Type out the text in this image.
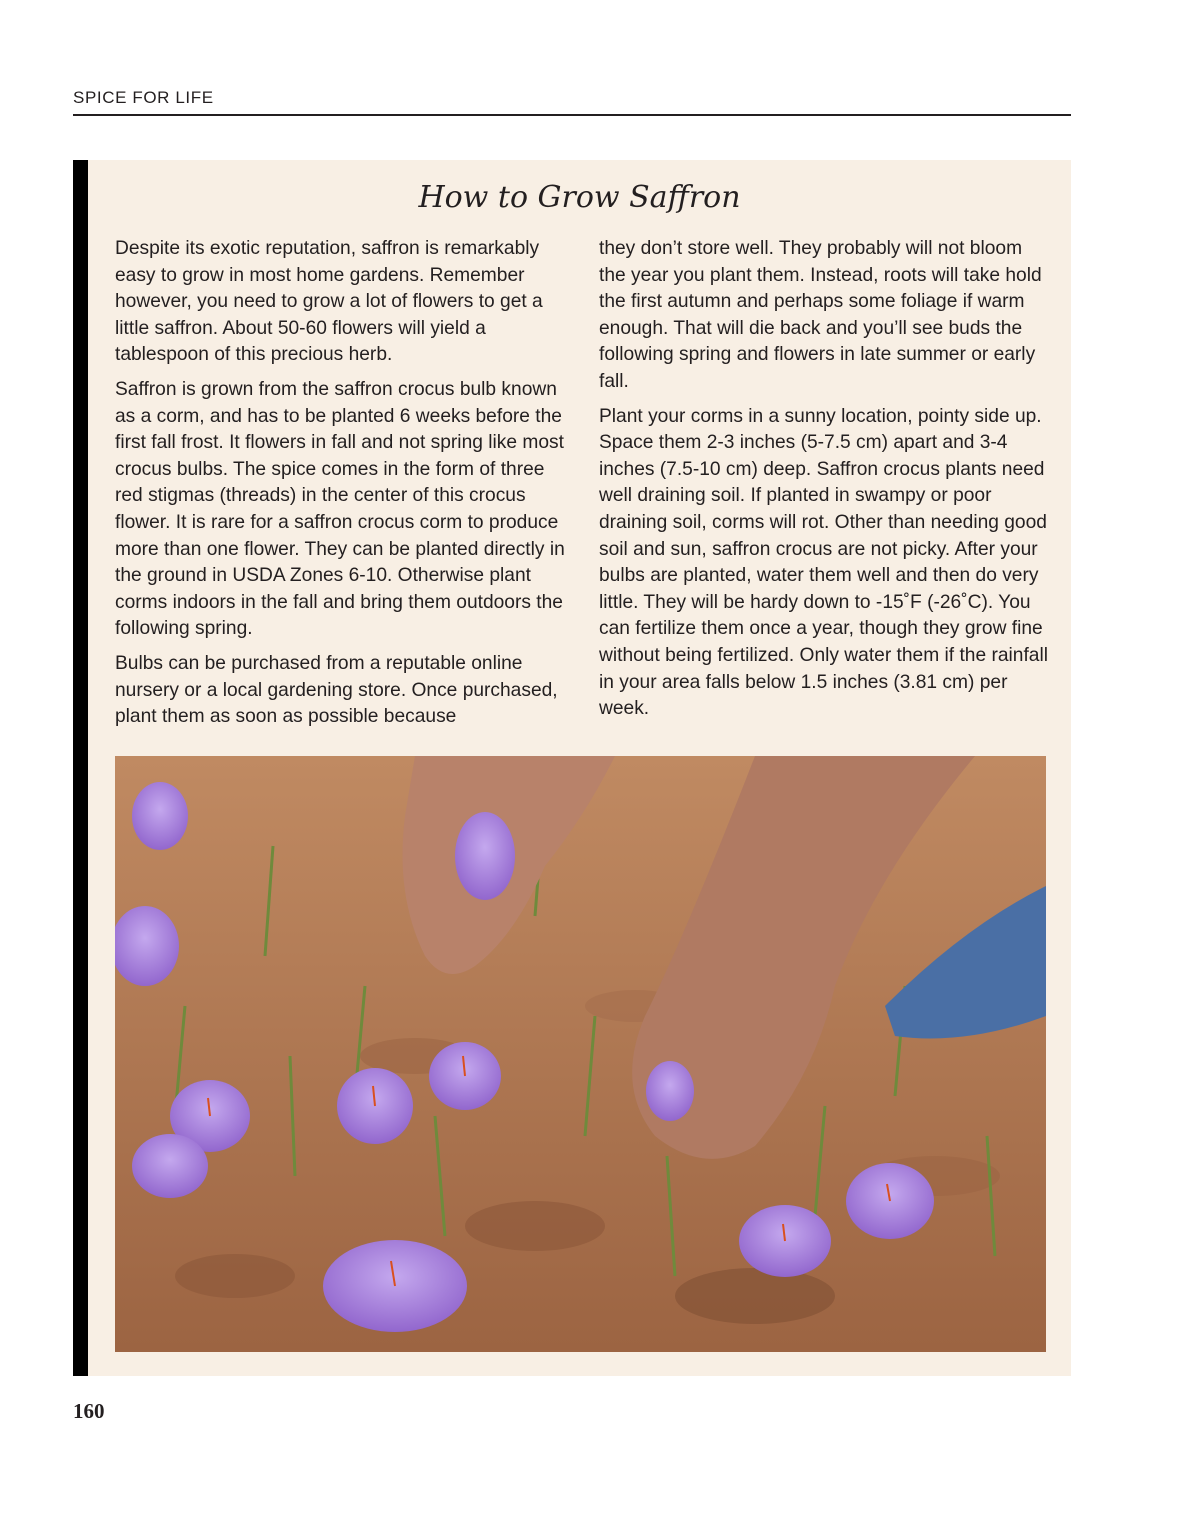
SPICE FOR LIFE
How to Grow Saffron

Despite its exotic reputation, saffron is remarkably easy to grow in most home gardens. Remember however, you need to grow a lot of flowers to get a little saffron. About 50-60 flowers will yield a tablespoon of this precious herb.

Saffron is grown from the saffron crocus bulb known as a corm, and has to be planted 6 weeks before the first fall frost. It flowers in fall and not spring like most crocus bulbs. The spice comes in the form of three red stigmas (threads) in the center of this crocus flower. It is rare for a saffron crocus corm to produce more than one flower. They can be planted directly in the ground in USDA Zones 6-10. Otherwise plant corms indoors in the fall and bring them outdoors the following spring.

Bulbs can be purchased from a reputable online nursery or a local gardening store. Once purchased, plant them as soon as possible because

they don’t store well. They probably will not bloom the year you plant them. Instead, roots will take hold the first autumn and perhaps some foliage if warm enough. That will die back and you’ll see buds the following spring and flowers in late summer or early fall.

Plant your corms in a sunny location, pointy side up. Space them 2-3 inches (5-7.5 cm) apart and 3-4 inches (7.5-10 cm) deep. Saffron crocus plants need well draining soil. If planted in swampy or poor draining soil, corms will rot. Other than needing good soil and sun, saffron crocus are not picky. After your bulbs are planted, water them well and then do very little. They will be hardy down to -15˚F (-26˚C). You can fertilize them once a year, though they grow fine without being fertilized. Only water them if the rainfall in your area falls below 1.5 inches (3.81 cm) per week.

160
